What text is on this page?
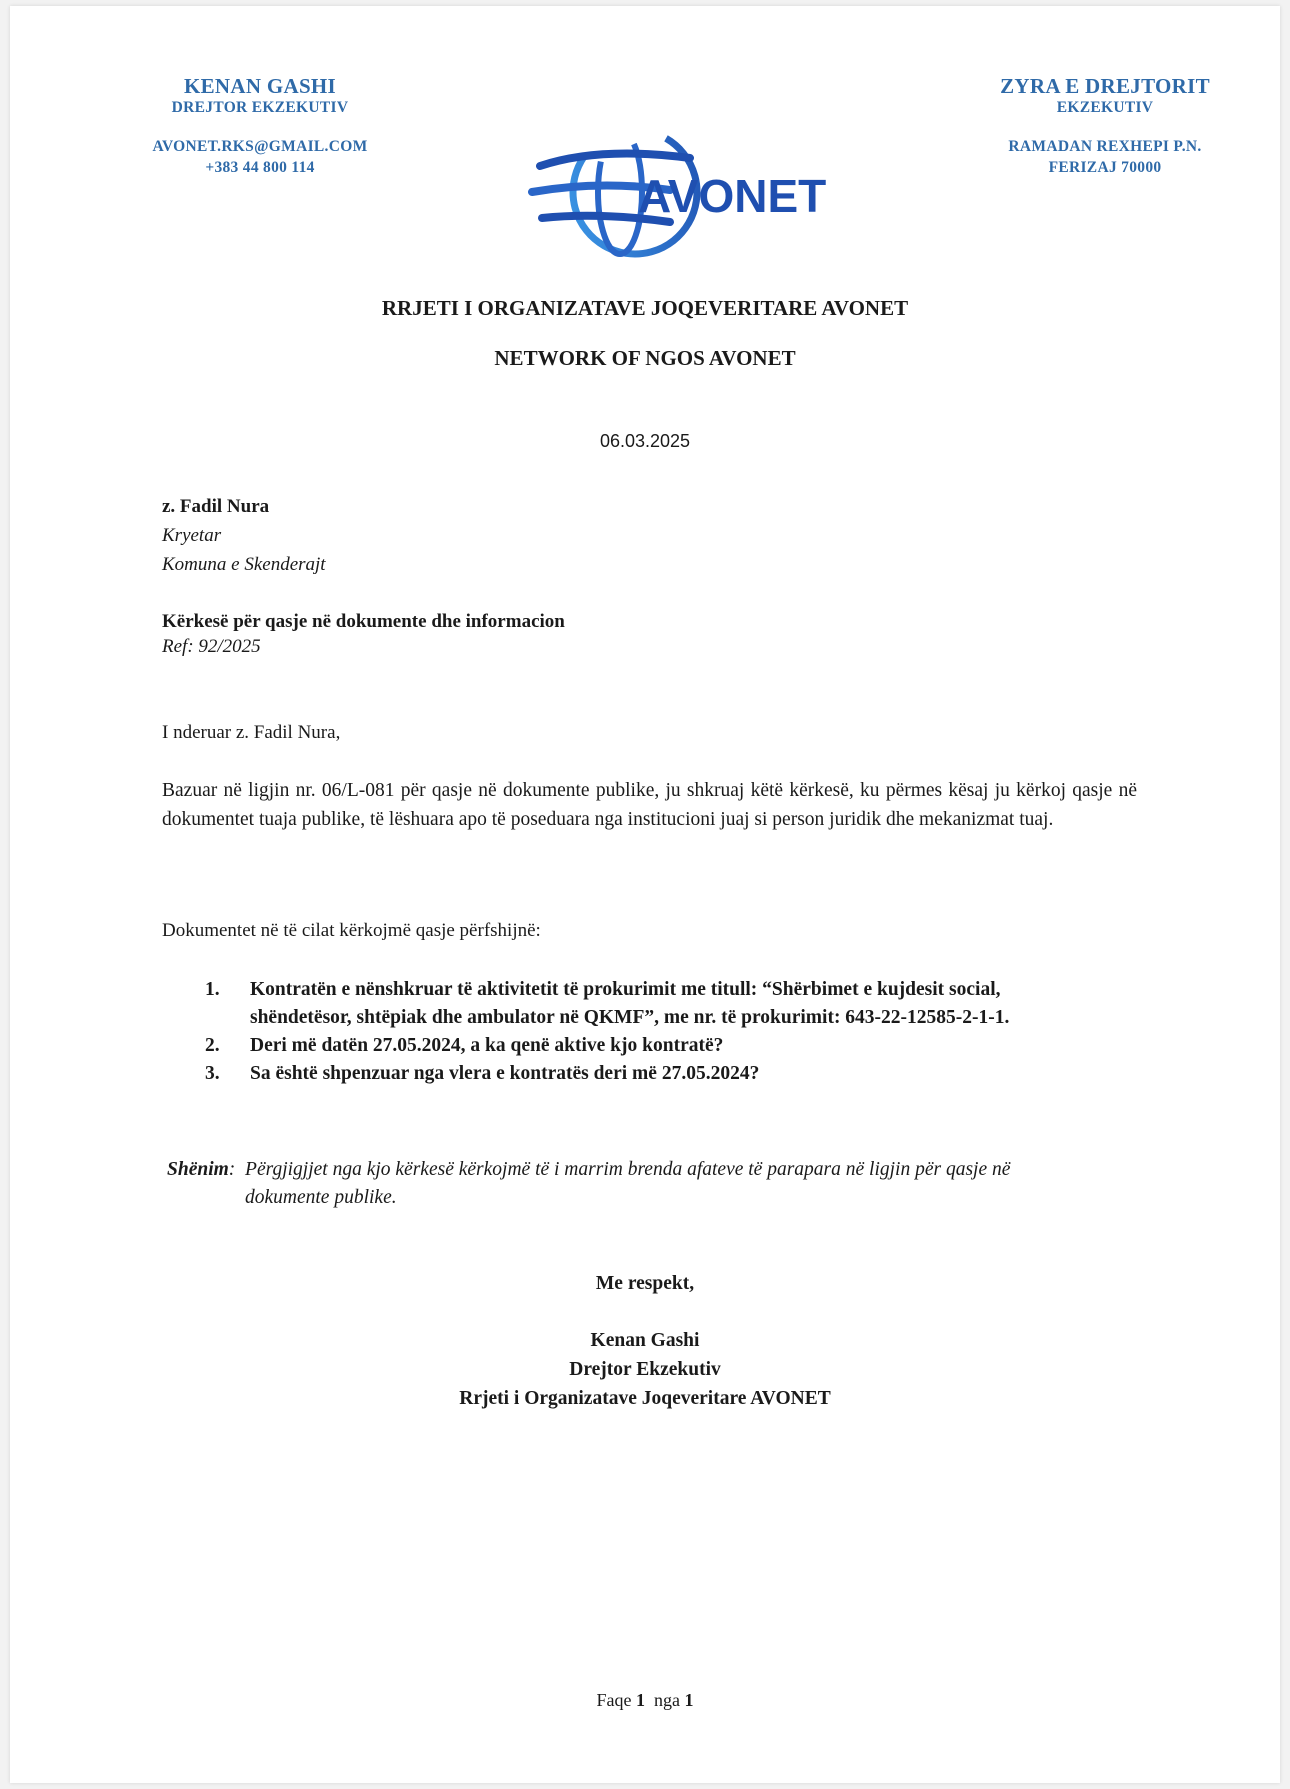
KENAN GASHI
DREJTOR EKZEKUTIV
AVONET.RKS@GMAIL.COM
+383 44 800 114
ZYRA E DREJTORIT
EKZEKUTIV
RAMADAN REXHEPI P.N.
FERIZAJ 70000
AVONET
RRJETI I ORGANIZATAVE JOQEVERITARE AVONET
NETWORK OF NGOS AVONET
06.03.2025
z. Fadil Nura
Kryetar
Komuna e Skenderajt
Kërkesë për qasje në dokumente dhe informacion
Ref: 92/2025
I nderuar z. Fadil Nura,
Bazuar në ligjin nr. 06/L-081 për qasje në dokumente publike, ju shkruaj këtë kërkesë, ku përmes kësaj ju kërkoj qasje në dokumentet tuaja publike, të lëshuara apo të poseduara nga institucioni juaj si person juridik dhe mekanizmat tuaj.
Dokumentet në të cilat kërkojmë qasje përfshijnë:
1.	Kontratën e nënshkruar të aktivitetit të prokurimit me titull: “Shërbimet e kujdesit social,
shëndetësor, shtëpiak dhe ambulator në QKMF”, me nr. të prokurimit: 643-22-12585-2-1-1.
2.	Deri më datën 27.05.2024, a ka qenë aktive kjo kontratë?
3.	Sa është shpenzuar nga vlera e kontratës deri më 27.05.2024?
Shënim:  Përgjigjjet nga kjo kërkesë kërkojmë të i marrim brenda afateve të parapara në ligjin për qasje në
dokumente publike.
Me respekt,
Kenan Gashi
Drejtor Ekzekutiv
Rrjeti i Organizatave Joqeveritare AVONET
Faqe 1 nga 1
